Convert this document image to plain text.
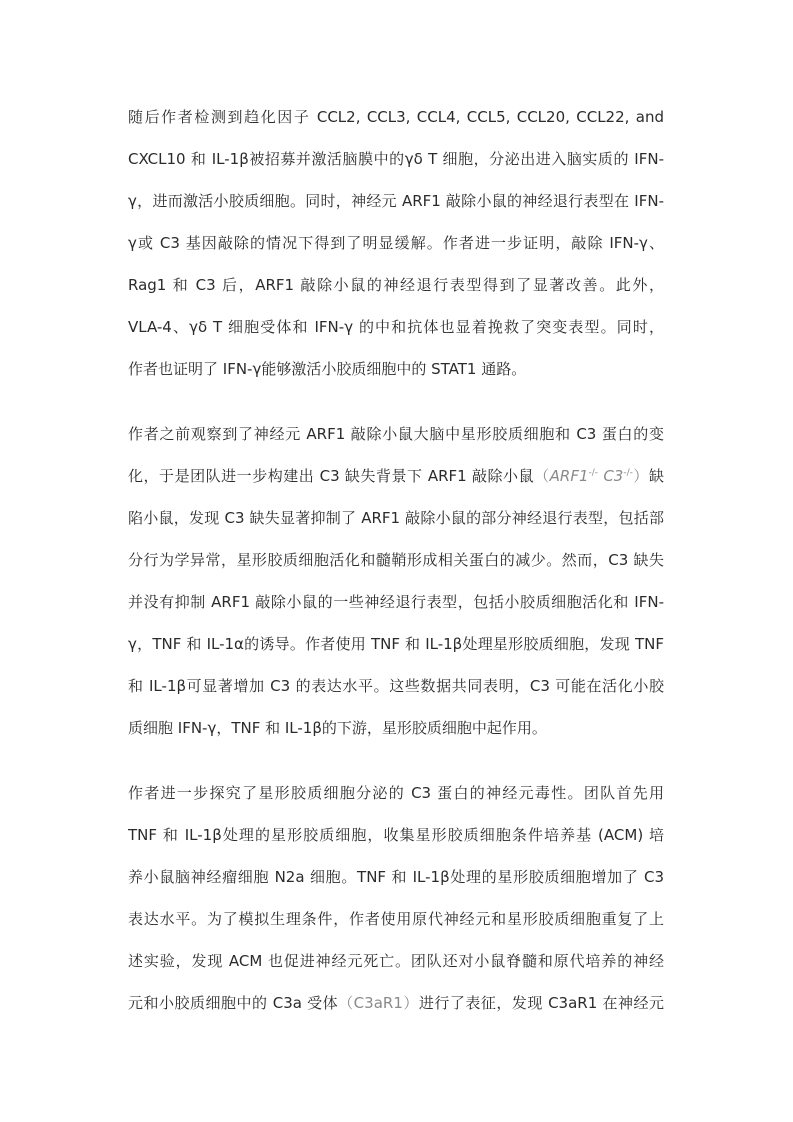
随后作者检测到趋化因子 CCL2, CCL3, CCL4, CCL5, CCL20, CCL22, and
CXCL10 和 IL-1β被招募并激活脑膜中的γδ T 细胞，分泌出进入脑实质的 IFN-
γ，进而激活小胶质细胞。同时，神经元 ARF1 敲除小鼠的神经退行表型在 IFN-
γ或 C3 基因敲除的情况下得到了明显缓解。作者进一步证明，敲除 IFN-γ、
Rag1 和 C3 后，ARF1 敲除小鼠的神经退行表型得到了显著改善。此外，
VLA-4、γδ T 细胞受体和 IFN-γ 的中和抗体也显着挽救了突变表型。同时，
作者也证明了 IFN-γ能够激活小胶质细胞中的 STAT1 通路。
作者之前观察到了神经元 ARF1 敲除小鼠大脑中星形胶质细胞和 C3 蛋白的变
化，于是团队进一步构建出 C3 缺失背景下 ARF1 敲除小鼠（ARF1-/- C3-/-）缺
陷小鼠，发现 C3 缺失显著抑制了 ARF1 敲除小鼠的部分神经退行表型，包括部
分行为学异常，星形胶质细胞活化和髓鞘形成相关蛋白的减少。然而，C3 缺失
并没有抑制 ARF1 敲除小鼠的一些神经退行表型，包括小胶质细胞活化和 IFN-
γ，TNF 和 IL-1α的诱导。作者使用 TNF 和 IL-1β处理星形胶质细胞，发现 TNF
和 IL-1β可显著增加 C3 的表达水平。这些数据共同表明，C3 可能在活化小胶
质细胞 IFN-γ，TNF 和 IL-1β的下游，星形胶质细胞中起作用。
作者进一步探究了星形胶质细胞分泌的 C3 蛋白的神经元毒性。团队首先用
TNF 和 IL-1β处理的星形胶质细胞，收集星形胶质细胞条件培养基 (ACM) 培
养小鼠脑神经瘤细胞 N2a 细胞。TNF 和 IL-1β处理的星形胶质细胞增加了 C3
表达水平。为了模拟生理条件，作者使用原代神经元和星形胶质细胞重复了上
述实验，发现 ACM 也促进神经元死亡。团队还对小鼠脊髓和原代培养的神经
元和小胶质细胞中的 C3a 受体（C3aR1）进行了表征，发现 C3aR1 在神经元
